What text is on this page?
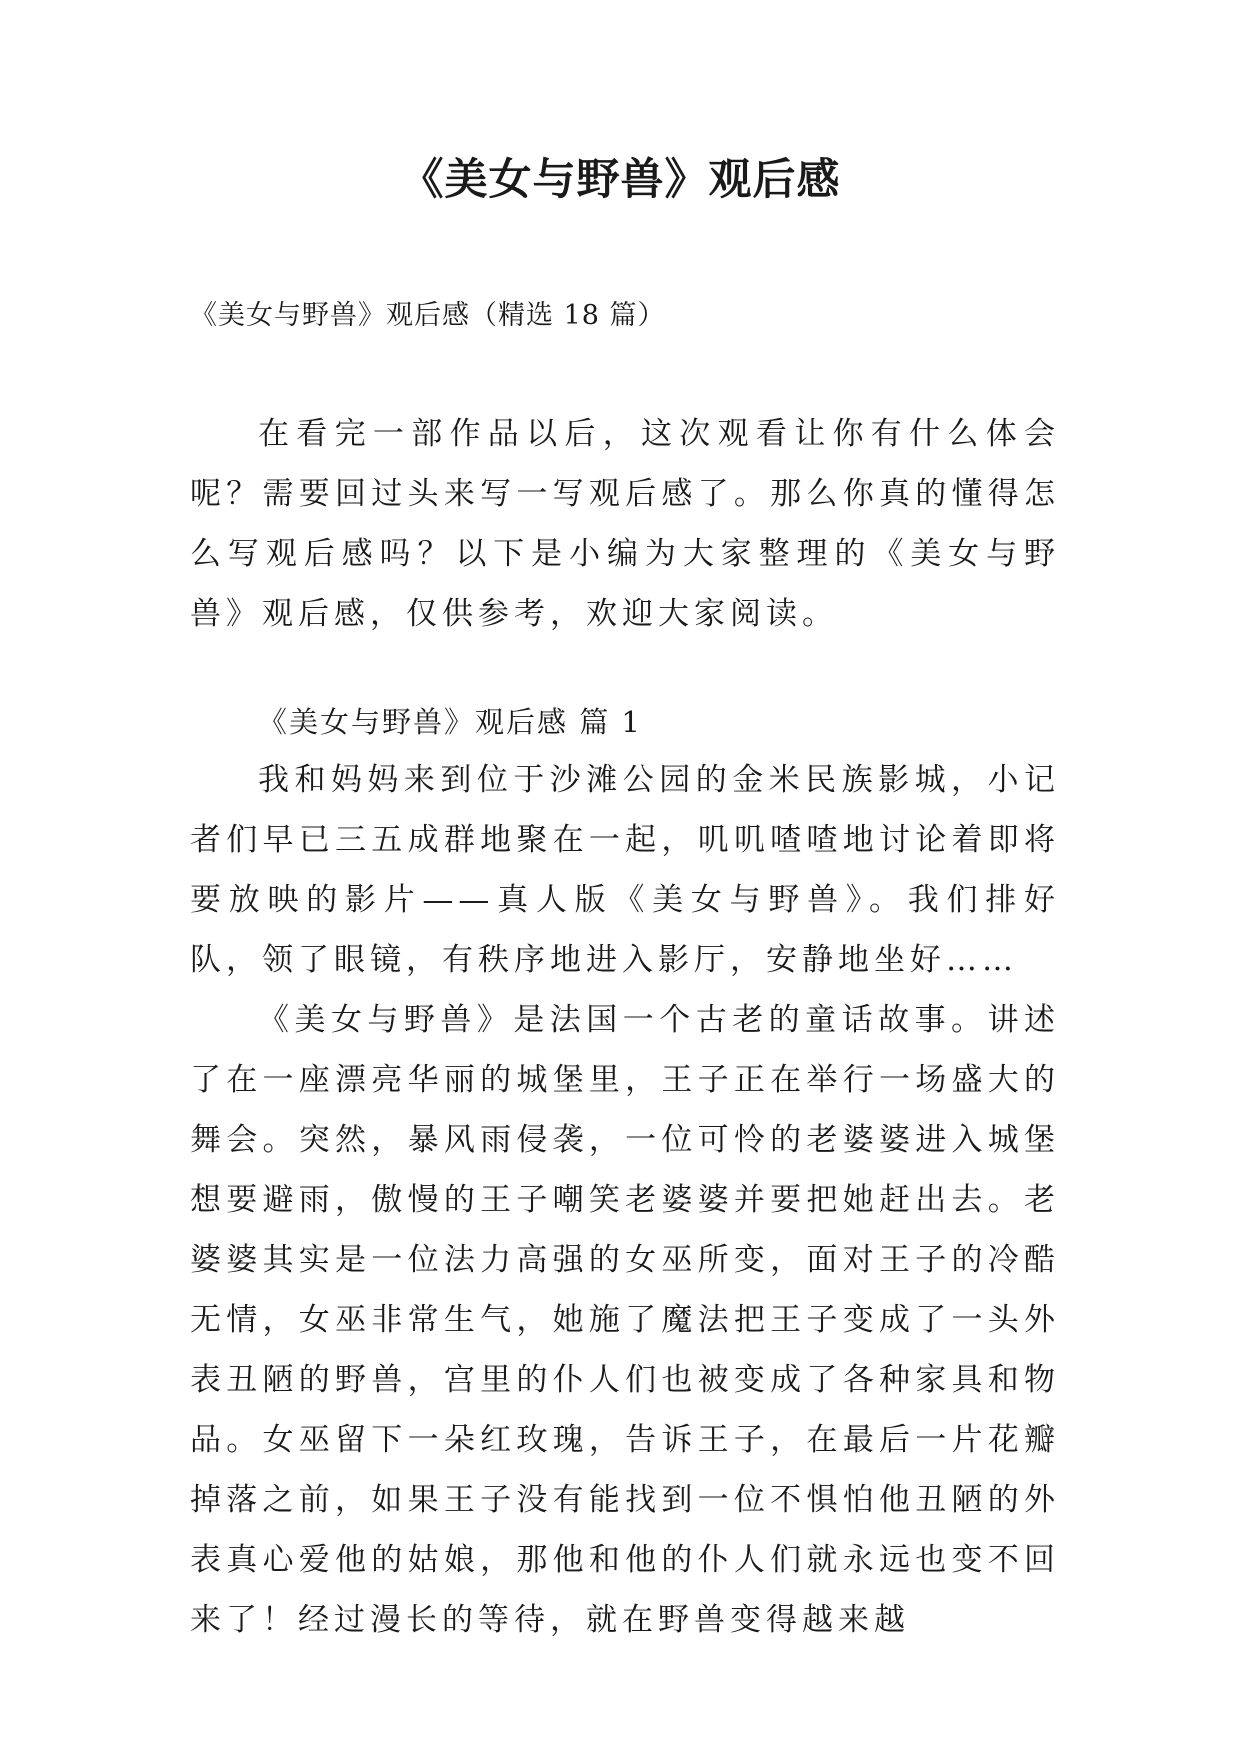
《美女与野兽》观后感
《美女与野兽》观后感（精选 18 篇）

在看完一部作品以后，这次观看让你有什么体会呢？需要回过头来写一写观后感了。那么你真的懂得怎么写观后感吗？以下是小编为大家整理的《美女与野兽》观后感，仅供参考，欢迎大家阅读。

《美女与野兽》观后感 篇 1

我和妈妈来到位于沙滩公园的金米民族影城，小记者们早已三五成群地聚在一起，叽叽喳喳地讨论着即将要放映的影片——真人版《美女与野兽》。我们排好队，领了眼镜，有秩序地进入影厅，安静地坐好……

《美女与野兽》是法国一个古老的童话故事。讲述了在一座漂亮华丽的城堡里，王子正在举行一场盛大的舞会。突然，暴风雨侵袭，一位可怜的老婆婆进入城堡想要避雨，傲慢的王子嘲笑老婆婆并要把她赶出去。老婆婆其实是一位法力高强的女巫所变，面对王子的冷酷无情，女巫非常生气，她施了魔法把王子变成了一头外表丑陋的野兽，宫里的仆人们也被变成了各种家具和物品。女巫留下一朵红玫瑰，告诉王子，在最后一片花瓣掉落之前，如果王子没有能找到一位不惧怕他丑陋的外表真心爱他的姑娘，那他和他的仆人们就永远也变不回来了！经过漫长的等待，就在野兽变得越来越
